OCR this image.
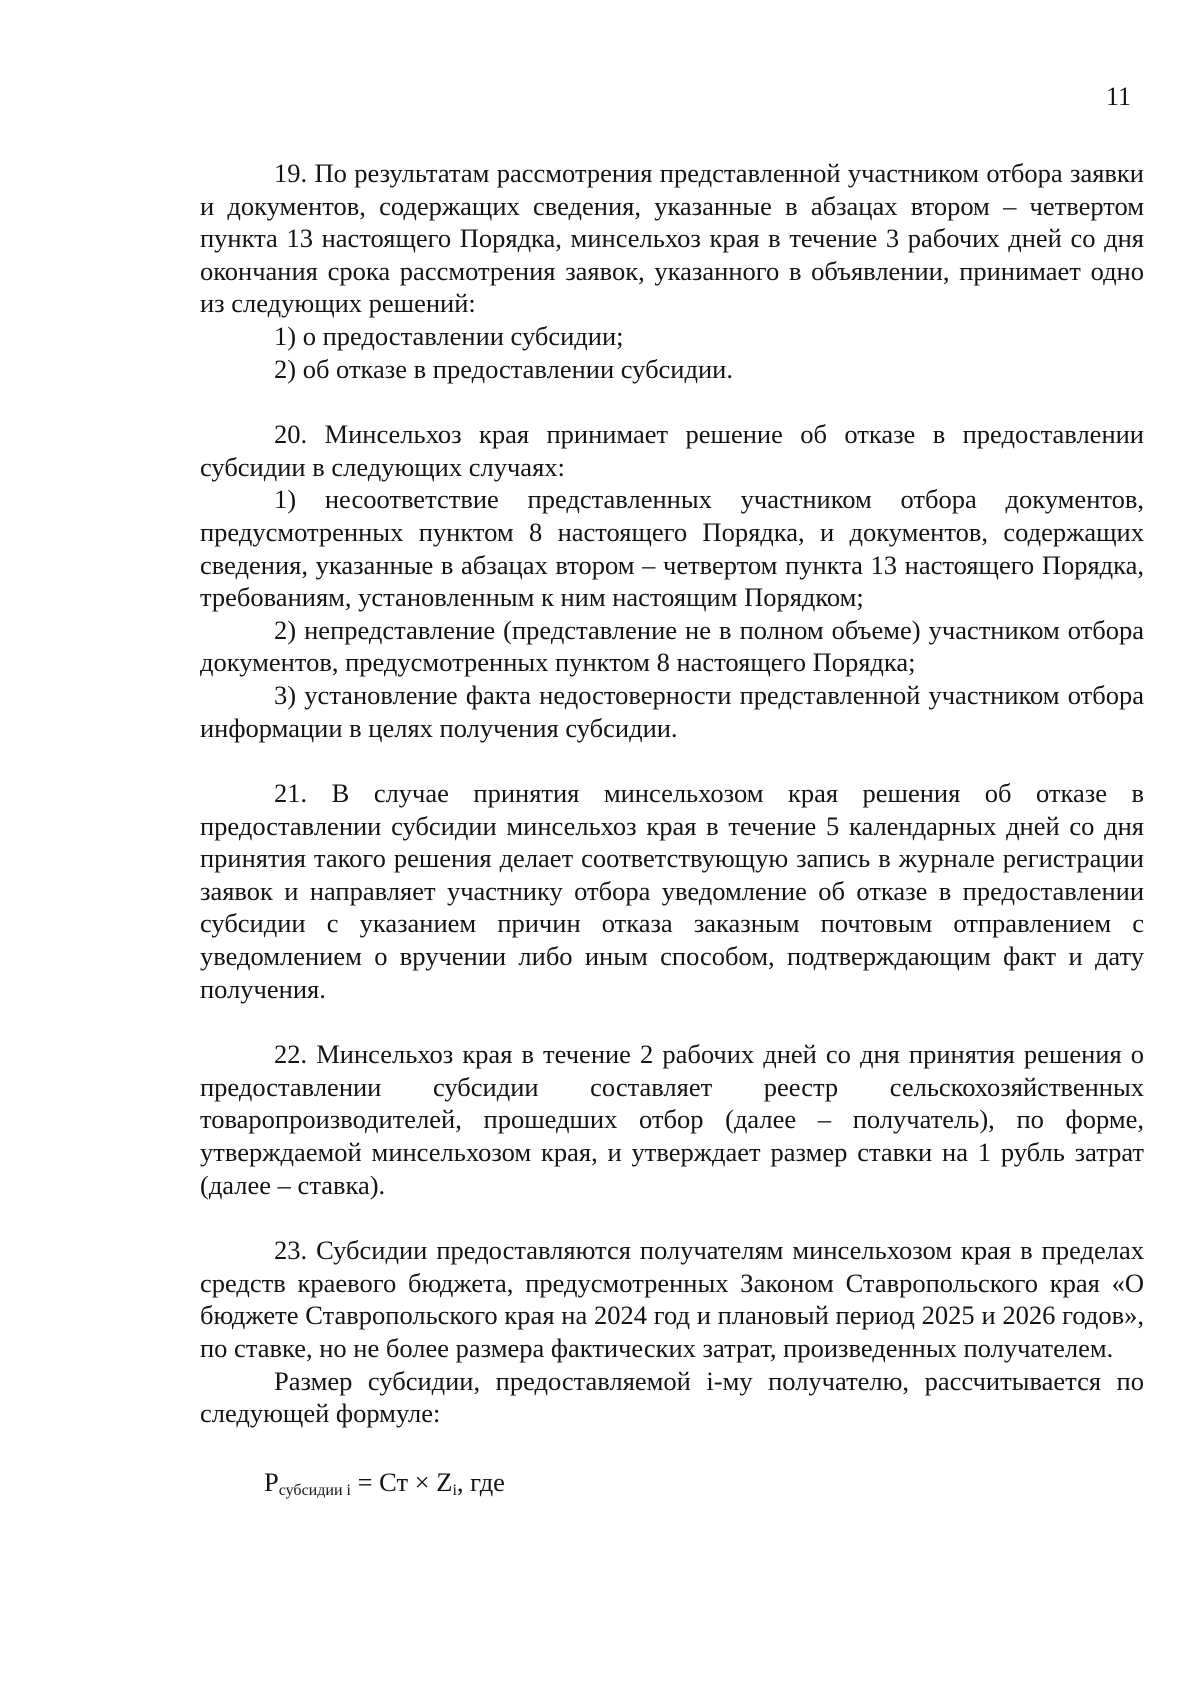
11

19. По результатам рассмотрения представленной участником отбора заявки и документов, содержащих сведения, указанные в абзацах втором – четвертом пункта 13 настоящего Порядка, минсельхоз края в течение 3 рабочих дней со дня окончания срока рассмотрения заявок, указанного в объявлении, принимает одно из следующих решений:

1) о предоставлении субсидии;

2) об отказе в предоставлении субсидии.

20. Минсельхоз края принимает решение об отказе в предоставлении субсидии в следующих случаях:

1) несоответствие представленных участником отбора документов, предусмотренных пунктом 8 настоящего Порядка, и документов, содержащих сведения, указанные в абзацах втором – четвертом пункта 13 настоящего Порядка, требованиям, установленным к ним настоящим Порядком;

2) непредставление (представление не в полном объеме) участником отбора документов, предусмотренных пунктом 8 настоящего Порядка;

3) установление факта недостоверности представленной участником отбора информации в целях получения субсидии.

21. В случае принятия минсельхозом края решения об отказе в предоставлении субсидии минсельхоз края в течение 5 календарных дней со дня принятия такого решения делает соответствующую запись в журнале регистрации заявок и направляет участнику отбора уведомление об отказе в предоставлении субсидии с указанием причин отказа заказным почтовым отправлением с уведомлением о вручении либо иным способом, подтверждающим факт и дату получения.

22. Минсельхоз края в течение 2 рабочих дней со дня принятия решения о предоставлении субсидии составляет реестр сельскохозяйственных товаропроизводителей, прошедших отбор (далее – получатель), по форме, утверждаемой минсельхозом края, и утверждает размер ставки на 1 рубль затрат (далее – ставка).

23. Субсидии предоставляются получателям минсельхозом края в пределах средств краевого бюджета, предусмотренных Законом Ставропольского края «О бюджете Ставропольского края на 2024 год и плановый период 2025 и 2026 годов», по ставке, но не более размера фактических затрат, произведенных получателем.

Размер субсидии, предоставляемой i-му получателю, рассчитывается по следующей формуле:

$P_{субсидии i}$ = Ст × $Z_i$, где
